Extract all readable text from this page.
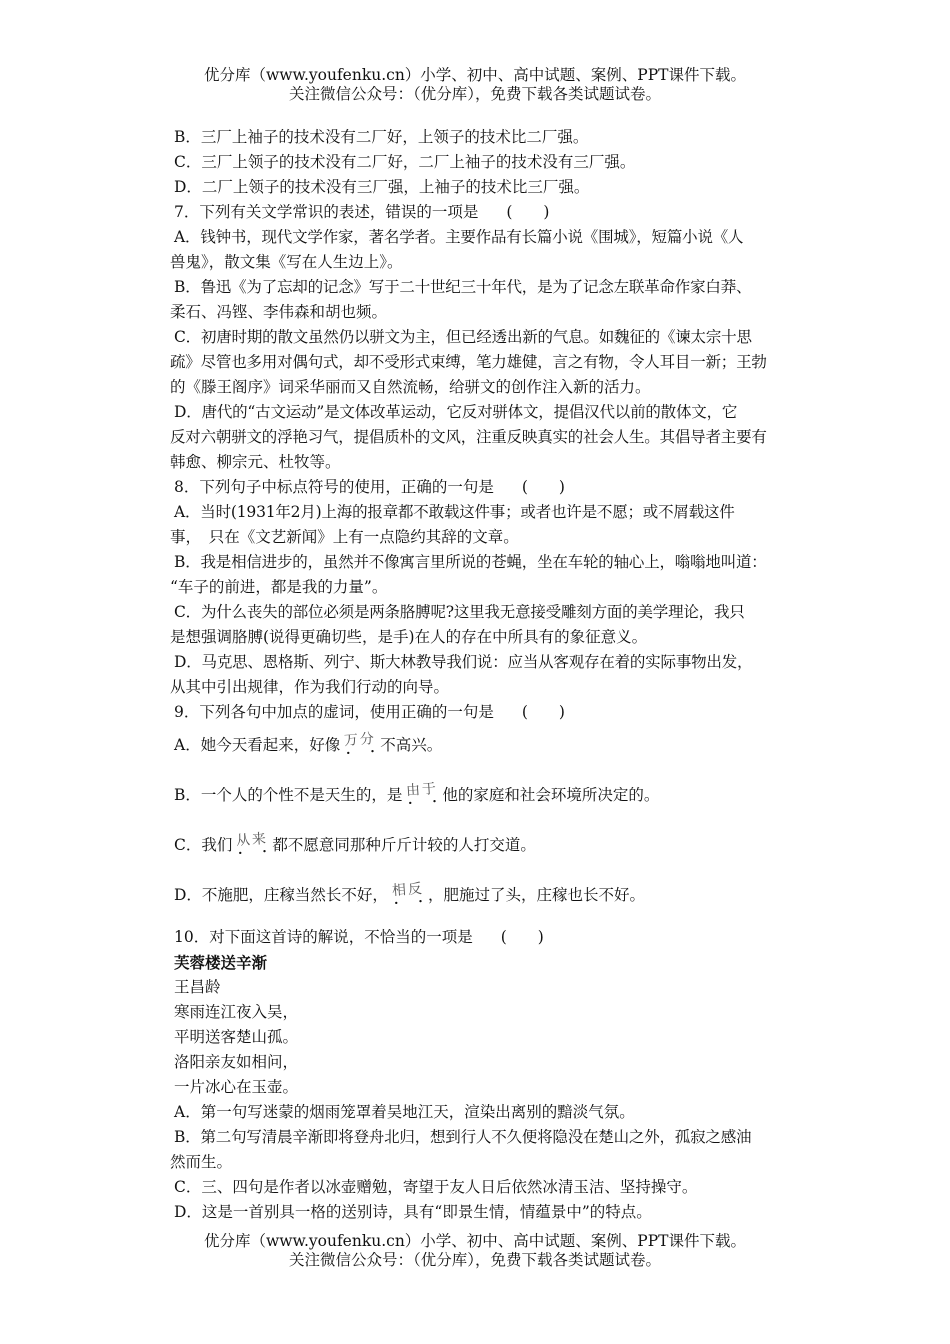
优分库（www.youfenku.cn）小学、初中、高中试题、案例、PPT课件下载。
关注微信公众号：（优分库），免费下载各类试题试卷。
B．三厂上袖子的技术没有二厂好，上领子的技术比二厂强。
C．三厂上领子的技术没有二厂好，二厂上袖子的技术没有三厂强。
D．二厂上领子的技术没有三厂强，上袖子的技术比三厂强。
7．下列有关文学常识的表述，错误的一项是 (　　)
A．钱钟书，现代文学作家，著名学者。主要作品有长篇小说《围城》，短篇小说《人
兽鬼》，散文集《写在人生边上》。
B．鲁迅《为了忘却的记念》写于二十世纪三十年代，是为了记念左联革命作家白莽、
柔石、冯铿、李伟森和胡也频。
C．初唐时期的散文虽然仍以骈文为主，但已经透出新的气息。如魏征的《谏太宗十思
疏》尽管也多用对偶句式，却不受形式束缚，笔力雄健，言之有物，令人耳目一新；王勃
的《滕王阁序》词采华丽而又自然流畅，给骈文的创作注入新的活力。
D．唐代的“古文运动”是文体改革运动，它反对骈体文，提倡汉代以前的散体文，它
反对六朝骈文的浮艳习气，提倡质朴的文风，注重反映真实的社会人生。其倡导者主要有
韩愈、柳宗元、杜牧等。
8．下列句子中标点符号的使用，正确的一句是 (　　)
A．当时(1931年2月)上海的报章都不敢载这件事；或者也许是不愿；或不屑载这件
事，　只在《文艺新闻》上有一点隐约其辞的文章。
B．我是相信进步的，虽然并不像寓言里所说的苍蝇，坐在车轮的轴心上，嗡嗡地叫道：
“车子的前进，都是我的力量”。
C．为什么丧失的部位必须是两条胳膊呢?这里我无意接受雕刻方面的美学理论，我只
是想强调胳膊(说得更确切些，是手)在人的存在中所具有的象征意义。
D．马克思、恩格斯、列宁、斯大林教导我们说：应当从客观存在着的实际事物出发，
从其中引出规律，作为我们行动的向导。
9．下列各句中加点的虚词，使用正确的一句是 (　　)
A．她今天看起来，好像 万分 • • 不高兴。
B．一个人的个性不是天生的，是 由于 • • 他的家庭和社会环境所决定的。
C．我们 从来 • • 都不愿意同那种斤斤计较的人打交道。
D．不施肥，庄稼当然长不好， 相反 • • ，肥施过了头，庄稼也长不好。
10．对下面这首诗的解说，不恰当的一项是 (　　)
芙蓉楼送辛渐
王昌龄
寒雨连江夜入吴，
平明送客楚山孤。
洛阳亲友如相问，
一片冰心在玉壶。
A．第一句写迷蒙的烟雨笼罩着吴地江天，渲染出离别的黯淡气氛。
B．第二句写清晨辛渐即将登舟北归，想到行人不久便将隐没在楚山之外，孤寂之感油
然而生。
C．三、四句是作者以冰壶赠勉，寄望于友人日后依然冰清玉洁、坚持操守。
D．这是一首别具一格的送别诗，具有“即景生情，情蕴景中”的特点。
优分库（www.youfenku.cn）小学、初中、高中试题、案例、PPT课件下载。
关注微信公众号：（优分库），免费下载各类试题试卷。
